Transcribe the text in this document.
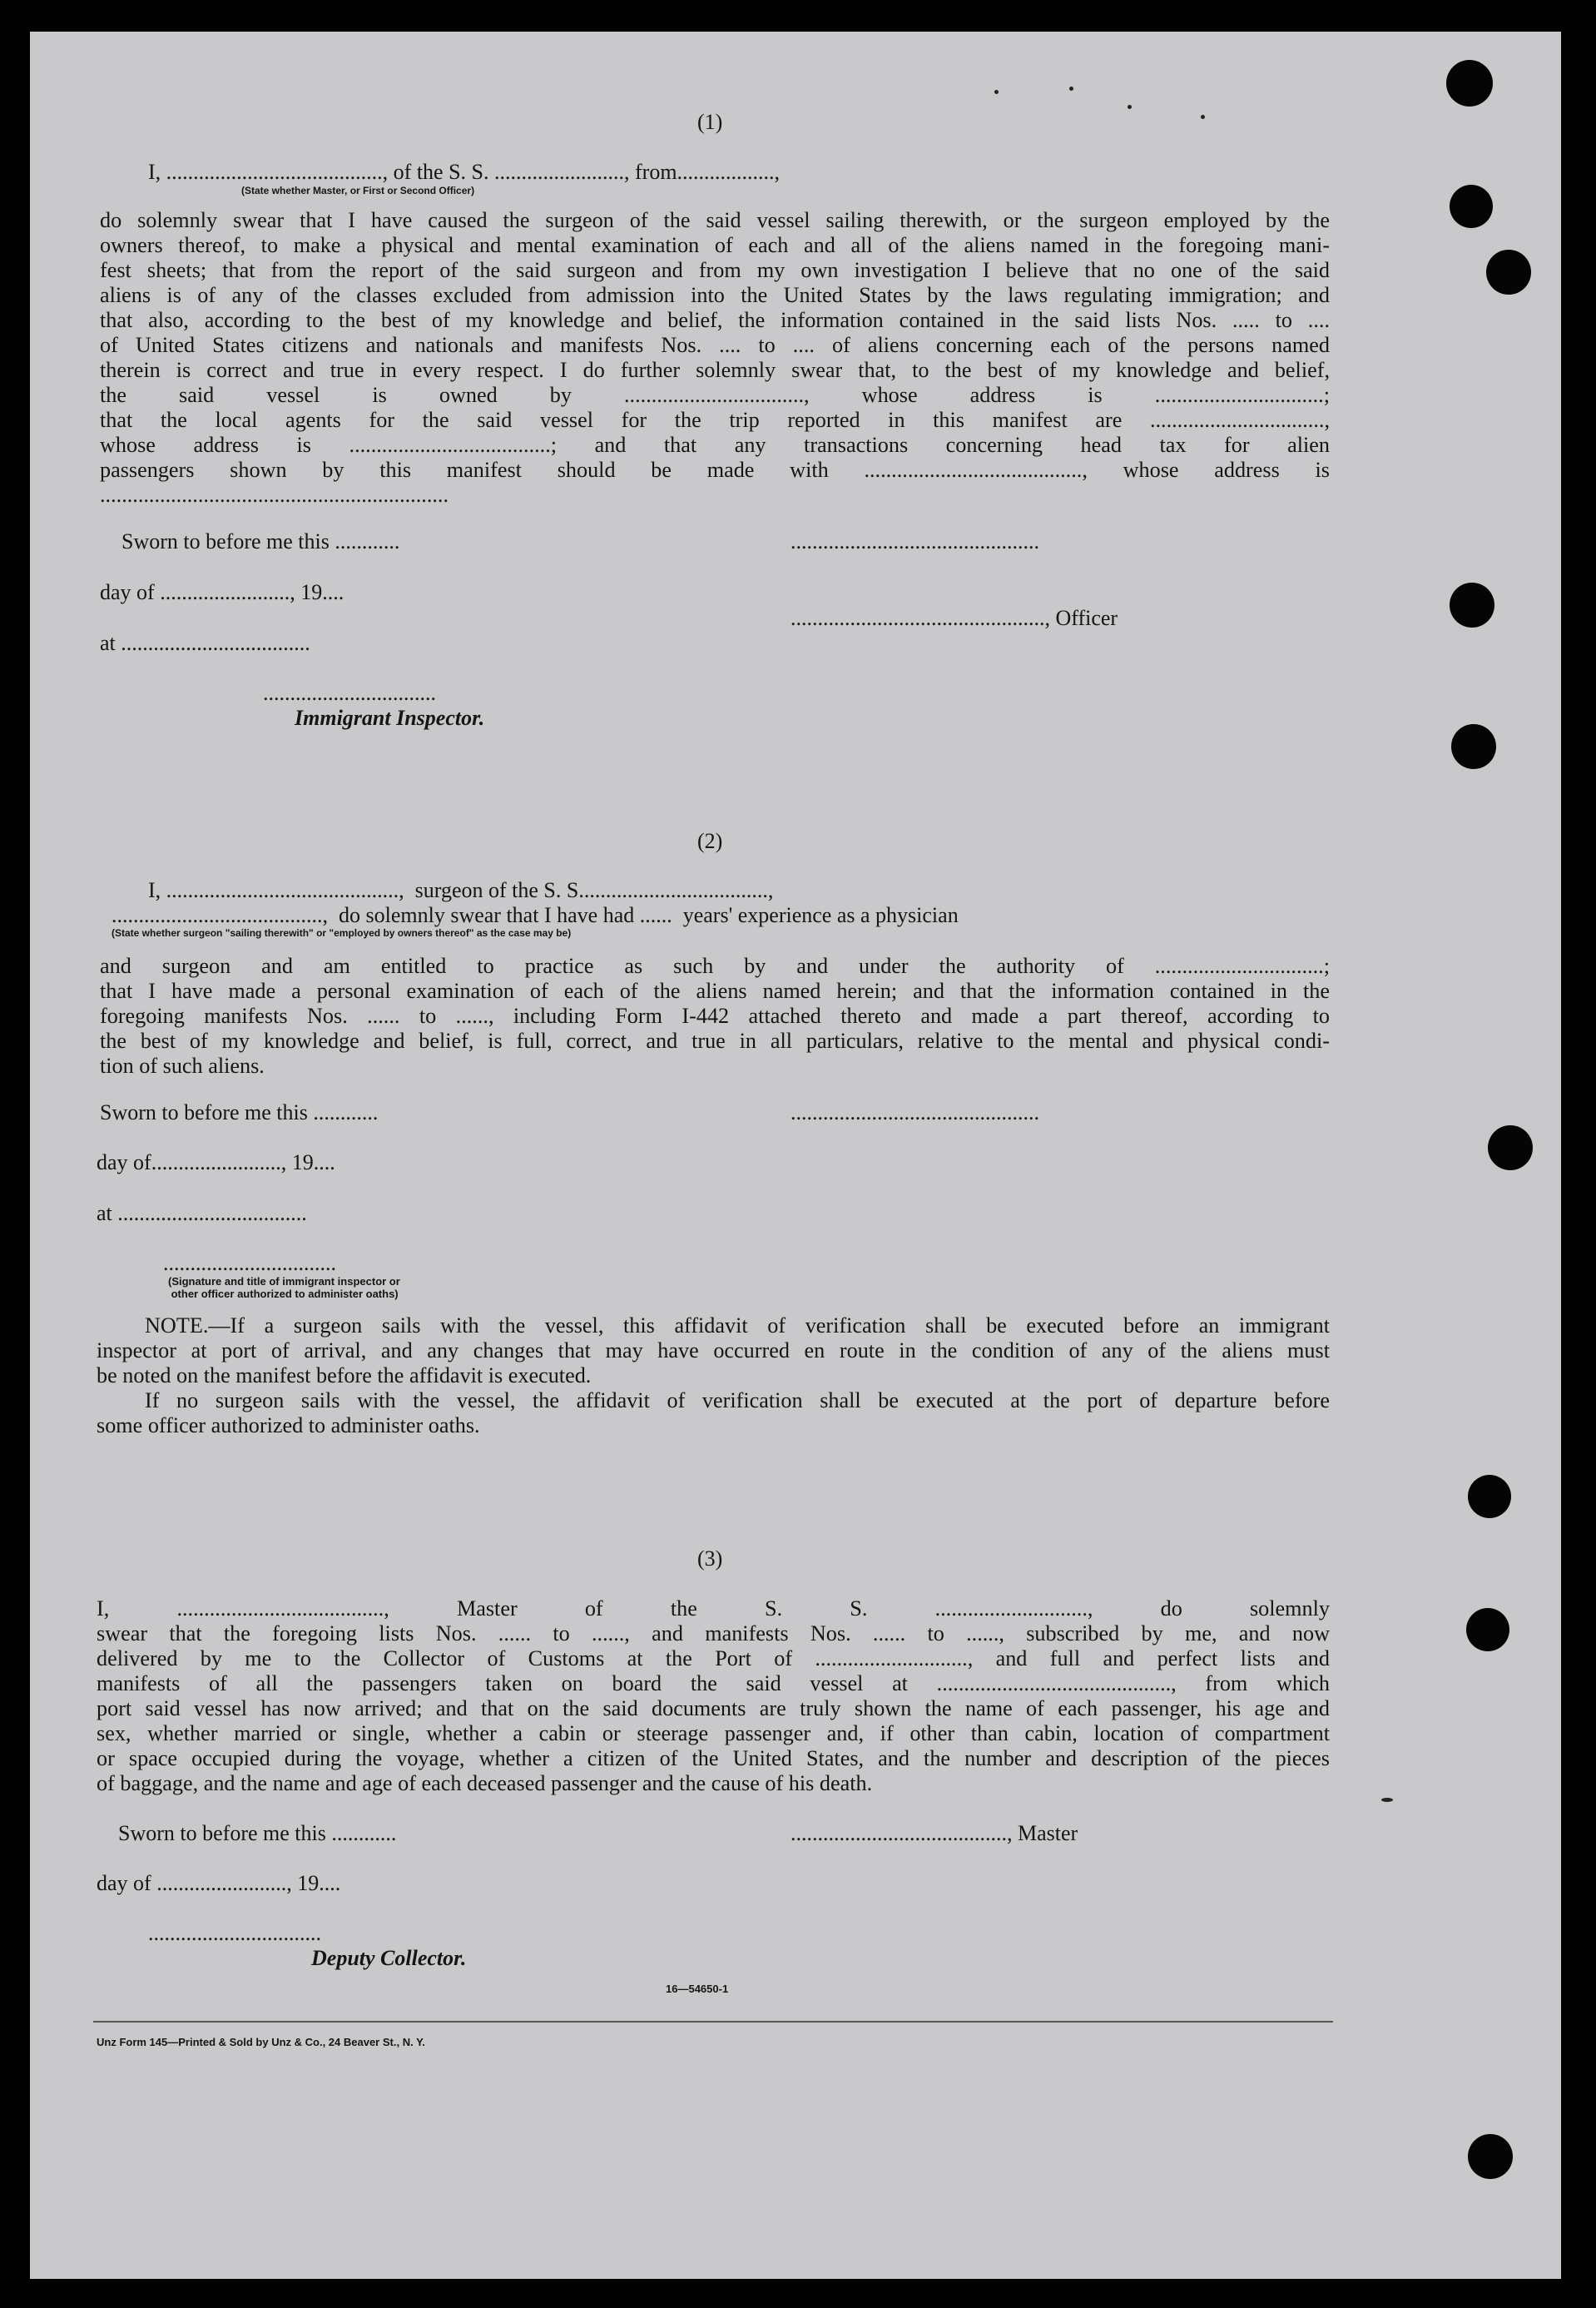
(1)
I, ........................................, of the S. S. ........................, from..................,
(State whether Master, or First or Second Officer)
do solemnly swear that I have caused the surgeon of the said vessel sailing therewith, or the surgeon employed by the
owners thereof, to make a physical and mental examination of each and all of the aliens named in the foregoing mani-
fest sheets; that from the report of the said surgeon and from my own investigation I believe that no one of the said
aliens is of any of the classes excluded from admission into the United States by the laws regulating immigration; and
that also, according to the best of my knowledge and belief, the information contained in the said lists Nos. ..... to ....
of United States citizens and nationals and manifests Nos. .... to .... of aliens concerning each of the persons named
therein is correct and true in every respect. I do further solemnly swear that, to the best of my knowledge and belief,
the said vessel is owned by ................................., whose address is ...............................;
that the local agents for the said vessel for the trip reported in this manifest are ................................,
whose address is .....................................; and that any transactions concerning head tax for alien
passengers shown by this manifest should be made with ........................................, whose address is
................................................................
Sworn to before me this ............	..............................................
day of ........................, 19....
..............................................., Officer
at ...................................
................................
Immigrant Inspector.
(2)
I, ...........................................,  surgeon of the S. S...................................,
.......................................,  do solemnly swear that I have had ......  years' experience as a physician
(State whether surgeon "sailing therewith" or "employed by owners thereof" as the case may be)
and surgeon and am entitled to practice as such by and under the authority of ...............................;
that I have made a personal examination of each of the aliens named herein; and that the information contained in the
foregoing manifests Nos. ...... to ......, including Form I-442 attached thereto and made a part thereof, according to
the best of my knowledge and belief, is full, correct, and true in all particulars, relative to the mental and physical condi-
tion of such aliens.
Sworn to before me this ............	..............................................
day of........................, 19....
at ...................................
................................
(Signature and title of immigrant inspector or
other officer authorized to administer oaths)
NOTE.—If a surgeon sails with the vessel, this affidavit of verification shall be executed before an immigrant
inspector at port of arrival, and any changes that may have occurred en route in the condition of any of the aliens must
be noted on the manifest before the affidavit is executed.
If no surgeon sails with the vessel, the affidavit of verification shall be executed at the port of departure before
some officer authorized to administer oaths.
(3)
I, ......................................, Master of the S. S. ............................, do solemnly
swear that the foregoing lists Nos. ...... to ......, and manifests Nos. ...... to ......, subscribed by me, and now
delivered by me to the Collector of Customs at the Port of ............................, and full and perfect lists and
manifests of all the passengers taken on board the said vessel at ..........................................., from which
port said vessel has now arrived; and that on the said documents are truly shown the name of each passenger, his age and
sex, whether married or single, whether a cabin or steerage passenger and, if other than cabin, location of compartment
or space occupied during the voyage, whether a citizen of the United States, and the number and description of the pieces
of baggage, and the name and age of each deceased passenger and the cause of his death.
Sworn to before me this ............	........................................, Master
day of ........................, 19....
................................
Deputy Collector.
16—54650-1
Unz Form 145—Printed & Sold by Unz & Co., 24 Beaver St., N. Y.
